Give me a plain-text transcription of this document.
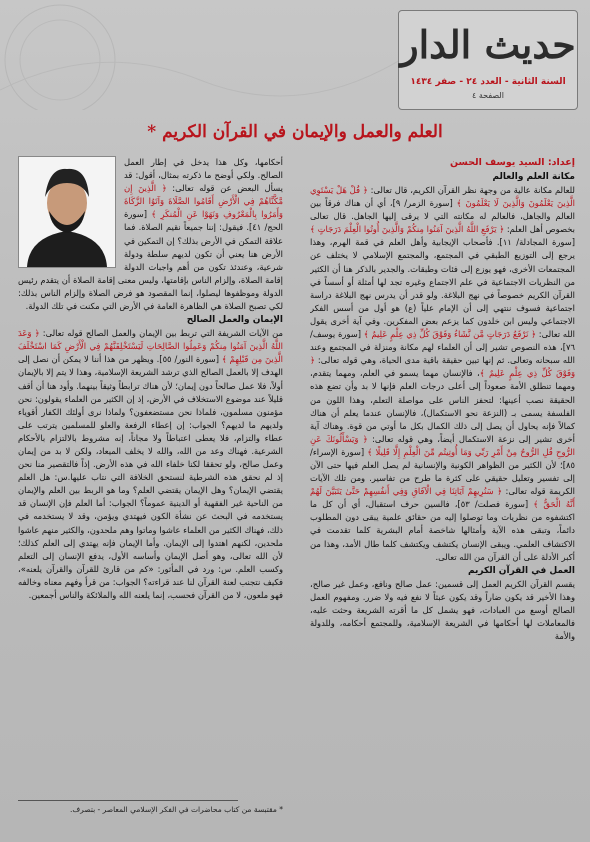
حديث الدار
السنة الثانية - العدد ٢٤ - صفر ١٤٣٤
الصفحة ٤
العلم والعمل والإيمان في القرآن الكريم *

إعداد: السيد يوسف الحسن

مكانة العلم والعالم

للعالم مكانة عالية من وجهة نظر القرآن الكريم، قال تعالى: ﴿ قُلْ هَلْ يَسْتَوِي الَّذِينَ يَعْلَمُونَ وَالَّذِينَ لَا يَعْلَمُونَ ﴾ [سورة الزمر/ ٩]، أي أن هناك فرقاً بين العالم والجاهل، فالعالم له مكانته التي لا يرقى إليها الجاهل. قال تعالى بخصوص أهل العلم: ﴿ يَرْفَعِ اللَّهُ الَّذِينَ آمَنُوا مِنكُمْ وَالَّذِينَ أُوتُوا الْعِلْمَ دَرَجَاتٍ ﴾ [سورة المجادلة/ ١١]. فأصحاب الإيجابية وأهل العلم في قمة الهرم، وهذا يرجع إلى التوزيع الطبقي في المجتمع، والمجتمع الإسلامي لا يختلف عن المجتمعات الأخرى، فهو يوزع إلى فئات وطبقات. والجدير بالذكر هنا أن الكثير من النظريات الاجتماعية في علم الاجتماع وغيره تجد لها أمثلة أو أسساً في القرآن الكريم خصوصاً في نهج البلاغة. ولو قدر أن يدرس نهج البلاغة دراسة اجتماعية فسوف ننتهي إلى أن الإمام علياً (ع) هو أول من أسس الفكر الاجتماعي وليس ابن خلدون كما يزعم بعض المفكرين. وفي آية أخرى يقول الله تعالى: ﴿ نَرْفَعُ دَرَجَاتٍ مَّن نَّشَاءُ وَفَوْقَ كُلِّ ذِي عِلْمٍ عَلِيمٌ ﴾ [سورة يوسف/ ٧٦]، هذه النصوص تشير إلى أن العلماء لهم مكانة ومنزلة في المجتمع وعند الله سبحانه وتعالى. ثم إنها تبين حقيقة باقية مدى الحياة، وهي قوله تعالى: ﴿ وَفَوْقَ كُلِّ ذِي عِلْمٍ عَلِيمٌ ﴾، فالإنسان مهما يسمو في العلم، ومهما يتقدم، ومهما تنطلق الأمة صعوداً إلى أعلى درجات العلم فإنها لا بد وأن تضع هذه الحقيقة نصب أعينها: لتحفز الناس على مواصلة التعلم، وهذا اللون من الفلسفة يسمى بـ (النزعة نحو الاستكمال)، فالإنسان عندما يعلم أن هناك كمالاً فإنه يحاول أن يصل إلى ذلك الكمال بكل ما أوتي من قوة. وهناك آية أخرى تشير إلى نزعة الاستكمال أيضاً، وهي قوله تعالى: ﴿ وَيَسْأَلُونَكَ عَنِ الرُّوحِ قُلِ الرُّوحُ مِنْ أَمْرِ رَبِّي وَمَا أُوتِيتُم مِّنَ الْعِلْمِ إِلَّا قَلِيلًا ﴾ [سورة الإسراء/ ٨٥]؛ لأن الكثير من الظواهر الكونية والإنسانية لم يصل العلم فيها حتى الآن إلى تفسير وتعليل حقيقي على كثرة ما طرح من تفاسير. ومن تلك الآيات الكريمة قوله تعالى: ﴿ سَنُرِيهِمْ آيَاتِنَا فِي الْآفَاقِ وَفِي أَنفُسِهِمْ حَتَّىٰ يَتَبَيَّنَ لَهُمْ أَنَّهُ الْحَقُّ ﴾ [سورة فصلت/ ٥٣]، فالسين حرف استقبال، أي أن كل ما اكتشفوه من نظريات وما توصلوا إليه من حقائق علمية يبقى دون المطلوب دائماً، وتبقى هذه الآية وأمثالها شاخصة أمام البشرية كلما تقدمت في الاكتشاف العلمي. ويبقى الإنسان يكتشف ويكتشف كلما طال الأمد، وهذا من أكبر الأدلة على أن القرآن من الله تعالى.

العمل في القرآن الكريم

يقسم القرآن الكريم العمل إلى قسمين: عمل صالح ونافع، وعمل غير صالح، وهذا الأخير قد يكون ضاراً وقد يكون عبثاً لا نفع فيه ولا ضرر. ومفهوم العمل الصالح أوسع من العبادات، فهو يشمل كل ما أقرته الشريعة وحثت عليه، فالمعاملات لها أحكامها في الشريعة الإسلامية، وللمجتمع أحكامه، وللدولة والأمة

أحكامها، وكل هذا يدخل في إطار العمل الصالح. ولكي أوضح ما ذكرته بمثال، أقول: قد يسأل البعض عن قوله تعالى: ﴿ الَّذِينَ إِن مَّكَّنَّاهُمْ فِي الْأَرْضِ أَقَامُوا الصَّلَاةَ وَآتَوُا الزَّكَاةَ وَأَمَرُوا بِالْمَعْرُوفِ وَنَهَوْا عَنِ الْمُنكَرِ ﴾ [سورة الحج/ ٤١]. فيقول: إننا جميعاً نقيم الصلاة. فما علاقة التمكن في الأرض بذلك؟ إن التمكين في الأرض هنا يعني أن تكون لديهم سلطة ودولة شرعية، وعندئذ تكون من أهم واجبات الدولة إقامة الصلاة، وإلزام الناس بإقامتها، وليس معنى إقامة الصلاة أن يتقدم رئيس الدولة وموظفوها ليصلوا، إنما المقصود هو فرض الصلاة وإلزام الناس بذلك: لكي تصبح الصلاة هي الظاهرة العامة في الأرض التي مكنت في تلك الدولة.

الإيمان والعمل الصالح

من الآيات الشريفة التي تربط بين الإيمان والعمل الصالح قوله تعالى: ﴿ وَعَدَ اللَّهُ الَّذِينَ آمَنُوا مِنكُمْ وَعَمِلُوا الصَّالِحَاتِ لَيَسْتَخْلِفَنَّهُمْ فِي الْأَرْضِ كَمَا اسْتَخْلَفَ الَّذِينَ مِن قَبْلِهِمْ ﴾ [سورة النور/ ٥٥]. ويظهر من هذا أننا لا يمكن أن نصل إلى الهدف إلا بالعمل الصالح الذي ترشد الشريعة الإسلامية، وهذا لا يتم إلا بالإيمان أولاً، فلا عمل صالحاً دون إيمان؛ لأن هناك ترابطاً وثيقاً بينهما. وأود هنا أن أقف قليلاً عند موضوع الاستخلاف في الأرض، إذ إن الكثير من العلماء يقولون: نحن مؤمنون مسلمون، فلماذا نحن مستضعفون؟ ولماذا نرى أولئك الكفار أقوياء ولديهم ما لديهم؟ الجواب: إن إعطاء الرفعة والعلو للمسلمين يترتب على عطاء والتزام، فلا يعطى اعتباطاً ولا مجاناً، إنه مشروط بالالتزام بالأحكام الشرعية. فهناك وعد من الله، والله لا يخلف الميعاد، ولكن لا بد من إيمان وعمل صالح، ولو تحققا لكنا خلفاء الله في هذه الأرض. إذاً فالتقصير منا نحن إذ لم نحقق هذه الشرطية لنستحق الخلافة التي نتاب عليها.س: هل العلم يقتضي الإيمان؟ وهل الإيمان يقتضي العلم؟ وما هو الربط بين العلم والإيمان من الناحية غير الفقهية أو الدينية عموماً؟ الجواب: أما العلم فإن الإنسان قد يستخدمه في البحث عن نشأة الكون فيهتدي ويؤمن، وقد لا يستخدمه في ذلك، فهناك الكثير من العلماء عاشوا وماتوا وهم ملحدون، والكثير منهم عاشوا ملحدين، لكنهم اهتدوا إلى الإيمان. وأما الإيمان فإنه يهتدي إلى العلم كذلك؛ لأن الله تعالى، وهو أصل الإيمان وأساسه الأول، يدفع الإنسان إلى التعلم وكسب العلم. س: ورد في المأثور: «كم من قارئ للقرآن والقرآن يلعنه»، فكيف نتجنب لعنة القرآن لنا عند قراءته؟ الجواب: من قرأ وفهم معناه وخالفه فهو ملعون، لا من القرآن فحسب، إنما يلعنه الله والملائكة والناس أجمعين.

* مقتبسة من كتاب محاضرات في الفكر الإسلامي المعاصر - بتصرف.
